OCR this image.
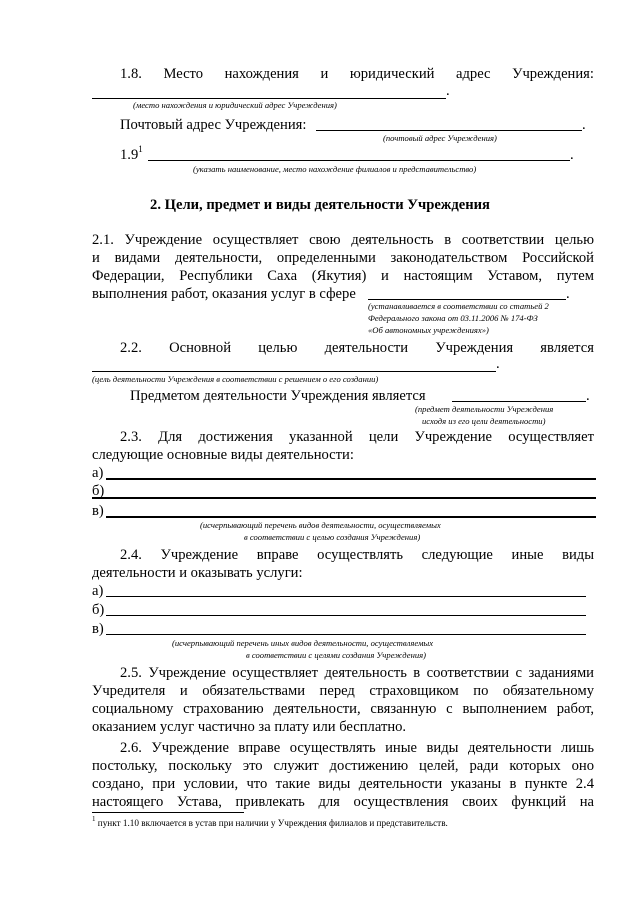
1.8. Место нахождения и юридический адрес Учреждения:
.
(место нахождения и юридический адрес Учреждения)
Почтовый адрес Учреждения:	.
(почтовый адрес Учреждения)
$1.9^1$	.
(указать наименование, место нахождение филиалов и представительство)
2. Цели, предмет и виды деятельности Учреждения
2.1. Учреждение осуществляет свою деятельность в соответствии целью
и видами деятельности, определенными законодательством Российской
Федерации, Республики Саха (Якутия) и настоящим Уставом, путем
выполнения работ, оказания услуг в сфере	.
(устанавливается в соответствии со статьей 2
Федерального закона от 03.11.2006 № 174-ФЗ
«Об автономных учреждениях»)
2.2. Основной целью деятельности Учреждения является
.
(цель деятельности Учреждения в соответствии с решением о его создании)
Предметом деятельности Учреждения является	.
(предмет деятельности Учреждения
исходя из его цели деятельности)
2.3. Для достижения указанной цели Учреждение осуществляет
следующие основные виды деятельности:
а)
б)
в)
(исчерпывающий перечень видов деятельности, осуществляемых
в соответствии с целью создания Учреждения)
2.4. Учреждение вправе осуществлять следующие иные виды
деятельности и оказывать услуги:
а)
б)
в)
(исчерпывающий перечень иных видов деятельности, осуществляемых
в соответствии с целями создания Учреждения)
2.5. Учреждение осуществляет деятельность в соответствии с заданиями
Учредителя и обязательствами перед страховщиком по обязательному
социальному страхованию деятельности, связанную с выполнением работ,
оказанием услуг частично за плату или бесплатно.
2.6. Учреждение вправе осуществлять иные виды деятельности лишь
постольку, поскольку это служит достижению целей, ради которых оно
создано, при условии, что такие виды деятельности указаны в пункте 2.4
настоящего Устава, привлекать для осуществления своих функций на
$^1$ пункт 1.10 включается в устав при наличии у Учреждения филиалов и представительств.
